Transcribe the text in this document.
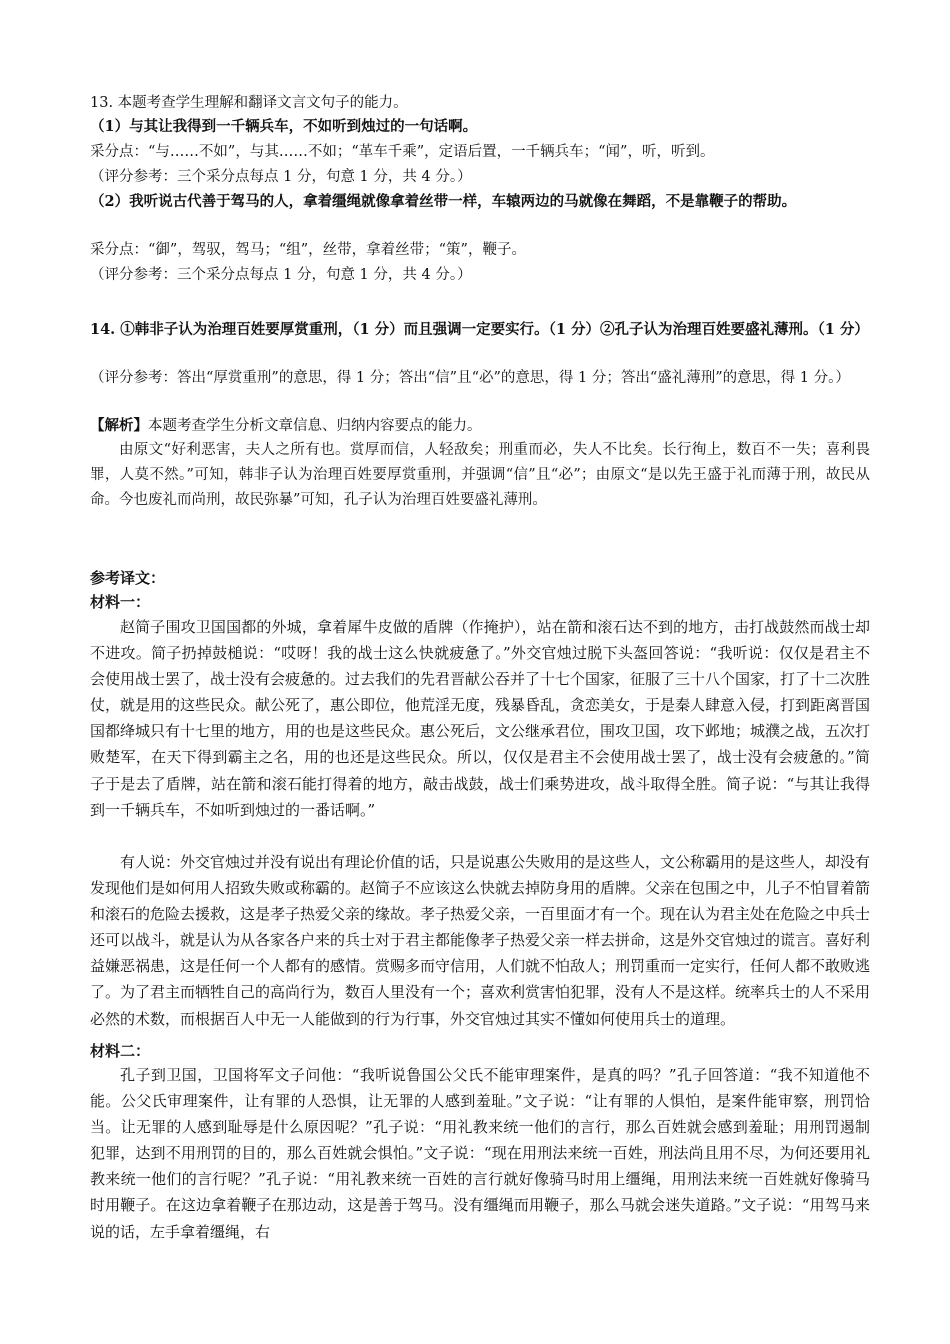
13. 本题考查学生理解和翻译文言文句子的能力。

（1）与其让我得到一千辆兵车，不如听到烛过的一句话啊。

采分点：“与……不如”，与其……不如；“革车千乘”，定语后置，一千辆兵车；“闻”，听，听到。

（评分参考：三个采分点每点 1 分，句意 1 分，共 4 分。）

（2）我听说古代善于驾马的人，拿着缰绳就像拿着丝带一样，车辕两边的马就像在舞蹈，不是靠鞭子的帮助。

采分点：“御”，驾驭，驾马；“组”，丝带，拿着丝带；“策”，鞭子。

（评分参考：三个采分点每点 1 分，句意 1 分，共 4 分。）

14. ①韩非子认为治理百姓要厚赏重刑，（1 分）而且强调一定要实行。（1 分）②孔子认为治理百姓要盛礼薄刑。（1 分）

（评分参考：答出“厚赏重刑”的意思，得 1 分；答出“信”且“必”的意思，得 1 分；答出“盛礼薄刑”的意思，得 1 分。）

【解析】本题考查学生分析文章信息、归纳内容要点的能力。

由原文“好利恶害，夫人之所有也。赏厚而信，人轻敌矣；刑重而必，失人不比矣。长行徇上，数百不一失；喜利畏罪，人莫不然。”可知，韩非子认为治理百姓要厚赏重刑，并强调“信”且“必”；由原文“是以先王盛于礼而薄于刑，故民从命。今也废礼而尚刑，故民弥暴”可知，孔子认为治理百姓要盛礼薄刑。

参考译文：

材料一：

赵简子围攻卫国国都的外城，拿着犀牛皮做的盾牌（作掩护），站在箭和滚石达不到的地方，击打战鼓然而战士却不进攻。简子扔掉鼓槌说：“哎呀！我的战士这么快就疲惫了。”外交官烛过脱下头盔回答说：“我听说：仅仅是君主不会使用战士罢了，战士没有会疲惫的。过去我们的先君晋献公吞并了十七个国家，征服了三十八个国家，打了十二次胜仗，就是用的这些民众。献公死了，惠公即位，他荒淫无度，残暴昏乱，贪恋美女，于是秦人肆意入侵，打到距离晋国国都绛城只有十七里的地方，用的也是这些民众。惠公死后，文公继承君位，围攻卫国，攻下邺地；城濮之战，五次打败楚军，在天下得到霸主之名，用的也还是这些民众。所以，仅仅是君主不会使用战士罢了，战士没有会疲惫的。”简子于是去了盾牌，站在箭和滚石能打得着的地方，敲击战鼓，战士们乘势进攻，战斗取得全胜。简子说：“与其让我得到一千辆兵车，不如听到烛过的一番话啊。”

有人说：外交官烛过并没有说出有理论价值的话，只是说惠公失败用的是这些人，文公称霸用的是这些人，却没有发现他们是如何用人招致失败或称霸的。赵简子不应该这么快就去掉防身用的盾牌。父亲在包围之中，儿子不怕冒着箭和滚石的危险去援救，这是孝子热爱父亲的缘故。孝子热爱父亲，一百里面才有一个。现在认为君主处在危险之中兵士还可以战斗，就是认为从各家各户来的兵士对于君主都能像孝子热爱父亲一样去拼命，这是外交官烛过的谎言。喜好利益嫌恶祸患，这是任何一个人都有的感情。赏赐多而守信用，人们就不怕敌人；刑罚重而一定实行，任何人都不敢败逃了。为了君主而牺牲自己的高尚行为，数百人里没有一个；喜欢利赏害怕犯罪，没有人不是这样。统率兵士的人不采用必然的术数，而根据百人中无一人能做到的行为行事，外交官烛过其实不懂如何使用兵士的道理。

材料二：

孔子到卫国，卫国将军文子问他：“我听说鲁国公父氏不能审理案件，是真的吗？”孔子回答道：“我不知道他不能。公父氏审理案件，让有罪的人恐惧，让无罪的人感到羞耻。”文子说：“让有罪的人惧怕，是案件能审察，刑罚恰当。让无罪的人感到耻辱是什么原因呢？”孔子说：“用礼教来统一他们的言行，那么百姓就会感到羞耻；用刑罚遏制犯罪，达到不用刑罚的目的，那么百姓就会惧怕。”文子说：“现在用刑法来统一百姓，刑法尚且用不尽，为何还要用礼教来统一他们的言行呢？”孔子说：“用礼教来统一百姓的言行就好像骑马时用上缰绳，用刑法来统一百姓就好像骑马时用鞭子。在这边拿着鞭子在那边动，这是善于驾马。没有缰绳而用鞭子，那么马就会迷失道路。”文子说：“用驾马来说的话，左手拿着缰绳，右
